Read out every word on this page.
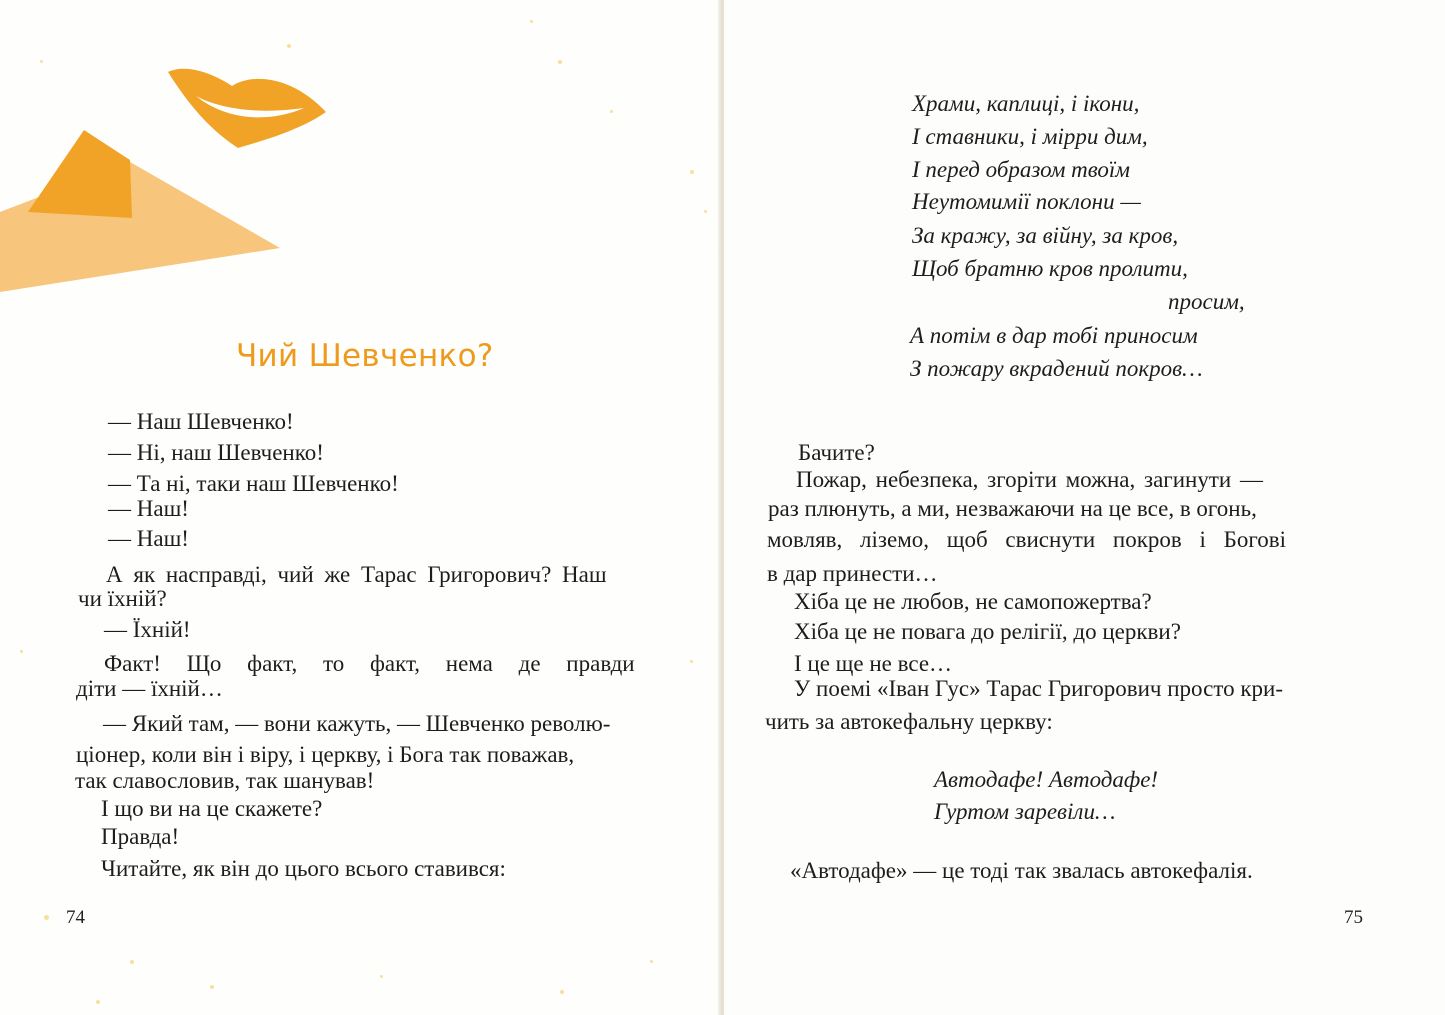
Чий Шевченко?
— Наш Шевченко!
— Ні, наш Шевченко!
— Та ні, таки наш Шевченко!
— Наш!
— Наш!
А як насправді, чий же Тарас Григорович? Наш
чи їхній?
— Їхній!
Факт! Що факт, то факт, нема де правди
діти — їхній…
— Який там, — вони кажуть, — Шевченко револю-
ціонер, коли він і віру, і церкву, і Бога так поважав,
так славословив, так шанував!
І що ви на це скажете?
Правда!
Читайте, як він до цього всього ставився:
74
Храми, каплиці, і ікони,
І ставники, і мірри дим,
І перед образом твоїм
Неутомимії поклони —
За кражу, за війну, за кров,
Щоб братню кров пролити,
просим,
А потім в дар тобі приносим
З пожару вкрадений покров…
Бачите?
Пожар, небезпека, згоріти можна, загинути —
раз плюнуть, а ми, незважаючи на це все, в огонь,
мовляв, ліземо, щоб свиснути покров і Богові
в дар принести…
Хіба це не любов, не самопожертва?
Хіба це не повага до релігії, до церкви?
І це ще не все…
У поемі «Іван Гус» Тарас Григорович просто кри-
чить за автокефальну церкву:
Автодафе! Автодафе!
Гуртом заревіли…
«Автодафе» — це тоді так звалась автокефалія.
75
